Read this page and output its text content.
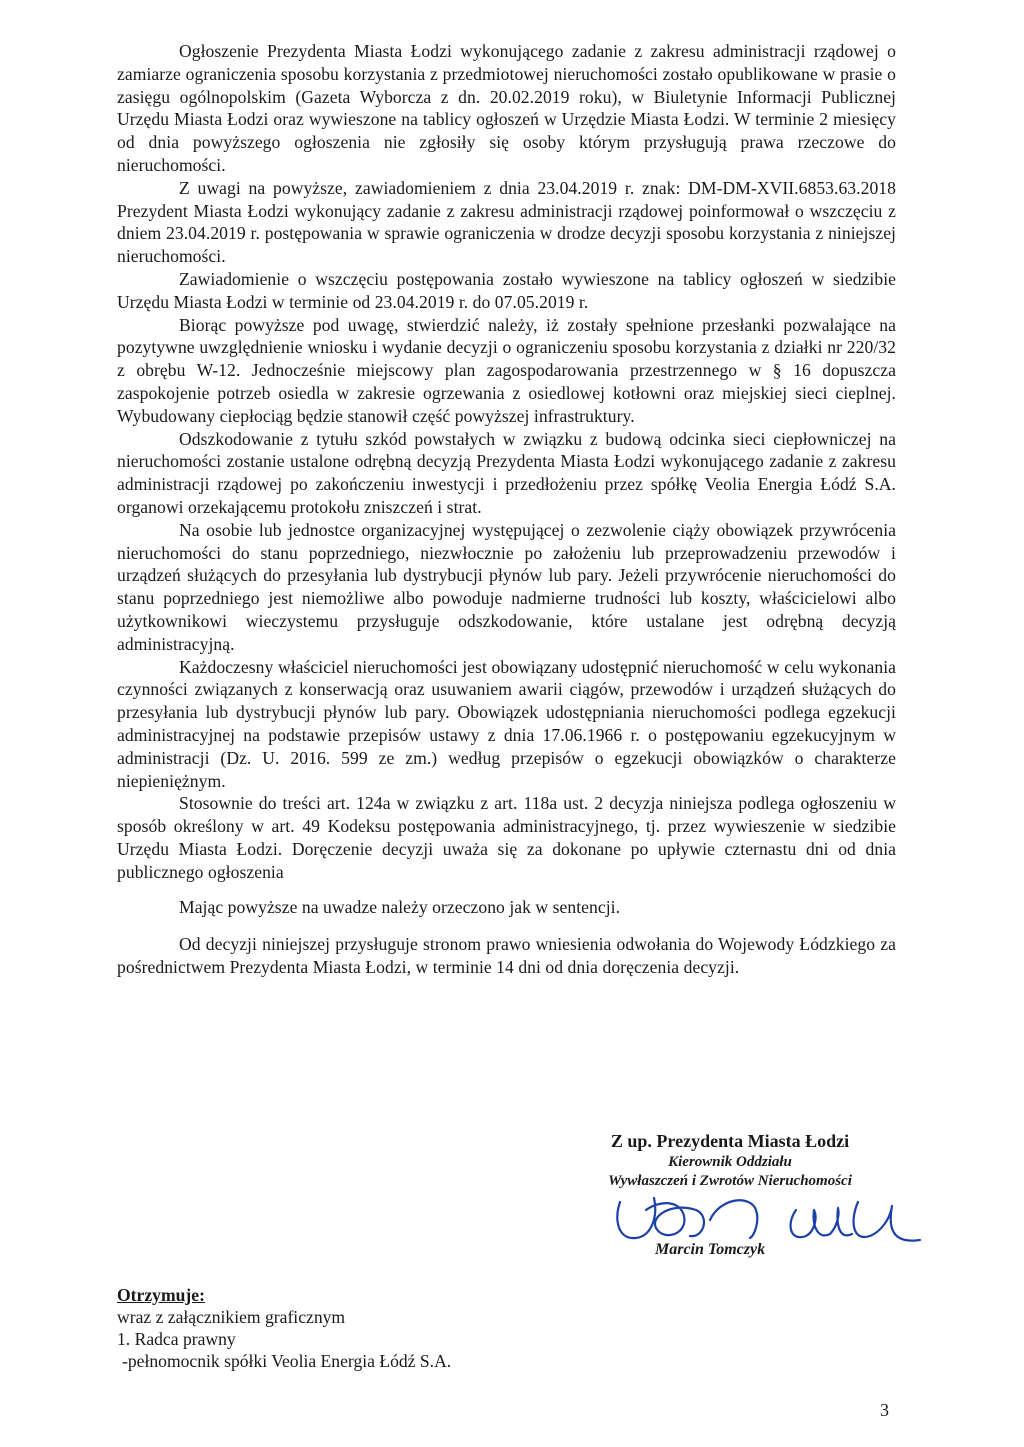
Ogłoszenie Prezydenta Miasta Łodzi wykonującego zadanie z zakresu administracji rządowej o zamiarze ograniczenia sposobu korzystania z przedmiotowej nieruchomości zostało opublikowane w prasie o zasięgu ogólnopolskim (Gazeta Wyborcza z dn. 20.02.2019 roku), w Biuletynie Informacji Publicznej Urzędu Miasta Łodzi oraz wywieszone na tablicy ogłoszeń w Urzędzie Miasta Łodzi. W terminie 2 miesięcy od dnia powyższego ogłoszenia nie zgłosiły się osoby którym przysługują prawa rzeczowe do nieruchomości.

Z uwagi na powyższe, zawiadomieniem z dnia 23.04.2019 r. znak: DM-DM-XVII.6853.63.2018 Prezydent Miasta Łodzi wykonujący zadanie z zakresu administracji rządowej poinformował o wszczęciu z dniem 23.04.2019 r. postępowania w sprawie ograniczenia w drodze decyzji sposobu korzystania z niniejszej nieruchomości.

Zawiadomienie o wszczęciu postępowania zostało wywieszone na tablicy ogłoszeń w siedzibie Urzędu Miasta Łodzi w terminie od 23.04.2019 r. do 07.05.2019 r.

Biorąc powyższe pod uwagę, stwierdzić należy, iż zostały spełnione przesłanki pozwalające na pozytywne uwzględnienie wniosku i wydanie decyzji o ograniczeniu sposobu korzystania z działki nr 220/32 z obrębu W-12. Jednocześnie miejscowy plan zagospodarowania przestrzennego w § 16 dopuszcza zaspokojenie potrzeb osiedla w zakresie ogrzewania z osiedlowej kotłowni oraz miejskiej sieci cieplnej. Wybudowany ciepłociąg będzie stanowił część powyższej infrastruktury.

Odszkodowanie z tytułu szkód powstałych w związku z budową odcinka sieci ciepłowniczej na nieruchomości zostanie ustalone odrębną decyzją Prezydenta Miasta Łodzi wykonującego zadanie z zakresu administracji rządowej po zakończeniu inwestycji i przedłożeniu przez spółkę Veolia Energia Łódź S.A. organowi orzekającemu protokołu zniszczeń i strat.

Na osobie lub jednostce organizacyjnej występującej o zezwolenie ciąży obowiązek przywrócenia nieruchomości do stanu poprzedniego, niezwłocznie po założeniu lub przeprowadzeniu przewodów i urządzeń służących do przesyłania lub dystrybucji płynów lub pary. Jeżeli przywrócenie nieruchomości do stanu poprzedniego jest niemożliwe albo powoduje nadmierne trudności lub koszty, właścicielowi albo użytkownikowi wieczystemu przysługuje odszkodowanie, które ustalane jest odrębną decyzją administracyjną.

Każdoczesny właściciel nieruchomości jest obowiązany udostępnić nieruchomość w celu wykonania czynności związanych z konserwacją oraz usuwaniem awarii ciągów, przewodów i urządzeń służących do przesyłania lub dystrybucji płynów lub pary. Obowiązek udostępniania nieruchomości podlega egzekucji administracyjnej na podstawie przepisów ustawy z dnia 17.06.1966 r. o postępowaniu egzekucyjnym w administracji (Dz. U. 2016. 599 ze zm.) według przepisów o egzekucji obowiązków o charakterze niepieniężnym.

Stosownie do treści art. 124a w związku z art. 118a ust. 2 decyzja niniejsza podlega ogłoszeniu w sposób określony w art. 49 Kodeksu postępowania administracyjnego, tj. przez wywieszenie w siedzibie Urzędu Miasta Łodzi. Doręczenie decyzji uważa się za dokonane po upływie czternastu dni od dnia publicznego ogłoszenia

Mając powyższe na uwadze należy orzeczono jak w sentencji.

Od decyzji niniejszej przysługuje stronom prawo wniesienia odwołania do Wojewody Łódzkiego za pośrednictwem Prezydenta Miasta Łodzi, w terminie 14 dni od dnia doręczenia decyzji.

Z up. Prezydenta Miasta Łodzi
Kierownik Oddziału
Wywłaszczeń i Zwrotów Nieruchomości
Marcin Tomczyk
Otrzymuje:
wraz z załącznikiem graficznym
1. Radca prawny
-pełnomocnik spółki Veolia Energia Łódź S.A.
3
